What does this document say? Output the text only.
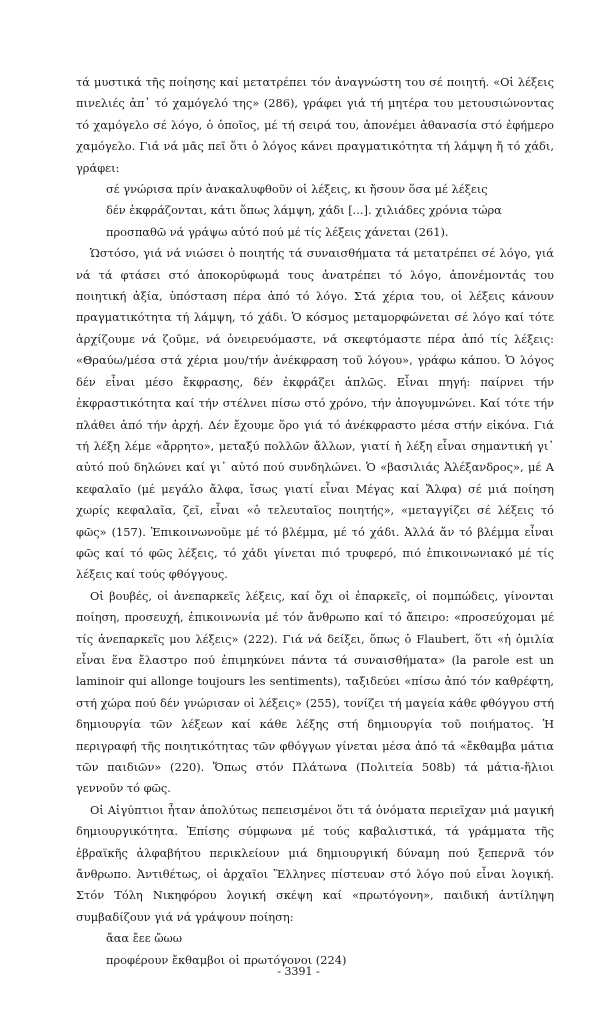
τά μυστικά τῆς ποίησης καί μετατρέπει τόν ἀναγνώστη του σέ ποιητή. «Οἱ λέξεις πινελιές ἀπ᾽ τό χαμόγελό της» (286), γράφει γιά τή μητέρα του μετουσιώνοντας τό χαμόγελο σέ λόγο, ὁ ὁποῖος, μέ τή σειρά του, ἀπονέμει ἀθανασία στό ἐφήμερο χαμόγελο. Γιά νά μᾶς πεῖ ὅτι ὁ λόγος κάνει πραγματικότητα τή λάμψη ἤ τό χάδι, γράφει:

σέ γνώρισα πρίν ἀνακαλυφθοῦν οἱ λέξεις, κι ἤσουν ὅσα μέ λέξεις
δέν ἐκφράζονται, κάτι ὅπως λάμψη, χάδι [...]. χιλιάδες χρόνια τώρα
προσπαθῶ νά γράψω αὐτό πού μέ τίς λέξεις χάνεται (261).

Ὡστόσο, γιά νά νιώσει ὁ ποιητής τά συναισθήματα τά μετατρέπει σέ λόγο, γιά νά τά φτάσει στό ἀποκορύφωμά τους ἀνατρέπει τό λόγο, ἀπονέμοντάς του ποιητική ἀξία, ὑπόσταση πέρα ἀπό τό λόγο. Στά χέρια του, οἱ λέξεις κάνουν πραγματικότητα τή λάμψη, τό χάδι. Ὁ κόσμος μεταμορφώνεται σέ λόγο καί τότε ἀρχίζουμε νά ζοῦμε, νά ὀνειρευόμαστε, νά σκεφτόμαστε πέρα ἀπό τίς λέξεις: «Θραύω/μέσα στά χέρια μου/τήν ἀνέκφραση τοῦ λόγου», γράφω κάπου. Ὁ λόγος δέν εἶναι μέσο ἔκφρασης, δέν ἐκφράζει ἁπλῶς. Εἶναι πηγή: παίρνει τήν ἐκφραστικότητα καί τήν στέλνει πίσω στό χρόνο, τήν ἀπογυμνώνει. Καί τότε τήν πλάθει ἀπό τήν ἀρχή. Δέν ἔχουμε ὅρο γιά τό ἀνέκφραστο μέσα στήν εἰκόνα. Γιά τή λέξη λέμε «ἄρρητο», μεταξύ πολλῶν ἄλλων, γιατί ἡ λέξη εἶναι σημαντική γι᾽ αὐτό πού δηλώνει καί γι᾽ αὐτό πού συνδηλώνει. Ὁ «βασιλιάς Ἀλέξανδρος», μέ Α κεφαλαῖο (μέ μεγάλο ἄλφα, ἴσως γιατί εἶναι Μέγας καί Ἄλφα) σέ μιά ποίηση χωρίς κεφαλαῖα, ζεῖ, εἶναι «ὁ τελευταῖος ποιητής», «μεταγγίζει σέ λέξεις τό φῶς» (157). Ἐπικοινωνοῦμε μέ τό βλέμμα, μέ τό χάδι. Ἀλλά ἄν τό βλέμμα εἶναι φῶς καί τό φῶς λέξεις, τό χάδι γίνεται πιό τρυφερό, πιό ἐπικοινωνιακό μέ τίς λέξεις καί τούς φθόγγους.

Οἱ βουβές, οἱ ἀνεπαρκεῖς λέξεις, καί ὄχι οἱ ἐπαρκεῖς, οἱ πομπώδεις, γίνονται ποίηση, προσευχή, ἐπικοινωνία μέ τόν ἄνθρωπο καί τό ἄπειρο: «προσεύχομαι μέ τίς ἀνεπαρκεῖς μου λέξεις» (222). Γιά νά δείξει, ὅπως ὁ Flaubert, ὅτι «ἡ ὁμιλία εἶναι ἕνα ἔλαστρο πού ἐπιμηκύνει πάντα τά συναισθήματα» (la parole est un laminoir qui allonge toujours les sentiments), ταξιδεύει «πίσω ἀπό τόν καθρέφτη, στή χώρα πού δέν γνώρισαν οἱ λέξεις» (255), τονίζει τή μαγεία κάθε φθόγγου στή δημιουργία τῶν λέξεων καί κάθε λέξης στή δημιουργία τοῦ ποιήματος. Ἡ περιγραφή τῆς ποιητικότητας τῶν φθόγγων γίνεται μέσα ἀπό τά «ἔκθαμβα μάτια τῶν παιδιῶν» (220). Ὅπως στόν Πλάτωνα (Πολιτεία 508b) τά μάτια-ἥλιοι γεννοῦν τό φῶς.

Οἱ Αἰγύπτιοι ἦταν ἀπολύτως πεπεισμένοι ὅτι τά ὀνόματα περιεῖχαν μιά μαγική δημιουργικότητα. Ἐπίσης σύμφωνα μέ τούς καβαλιστικά, τά γράμματα τῆς ἑβραϊκῆς ἀλφαβήτου περικλείουν μιά δημιουργική δύναμη πού ξεπερνᾶ τόν ἄνθρωπο. Ἀντιθέτως, οἱ ἀρχαῖοι Ἕλληνες πίστευαν στό λόγο πού εἶναι λογική. Στόν Τόλη Νικηφόρου λογική σκέψη καί «πρωτόγονη», παιδική ἀντίληψη συμβαδίζουν γιά νά γράψουν ποίηση:

ἄαα ἔεε ὤωω
προφέρουν ἔκθαμβοι οἱ πρωτόγονοι (224)
- 3391 -
